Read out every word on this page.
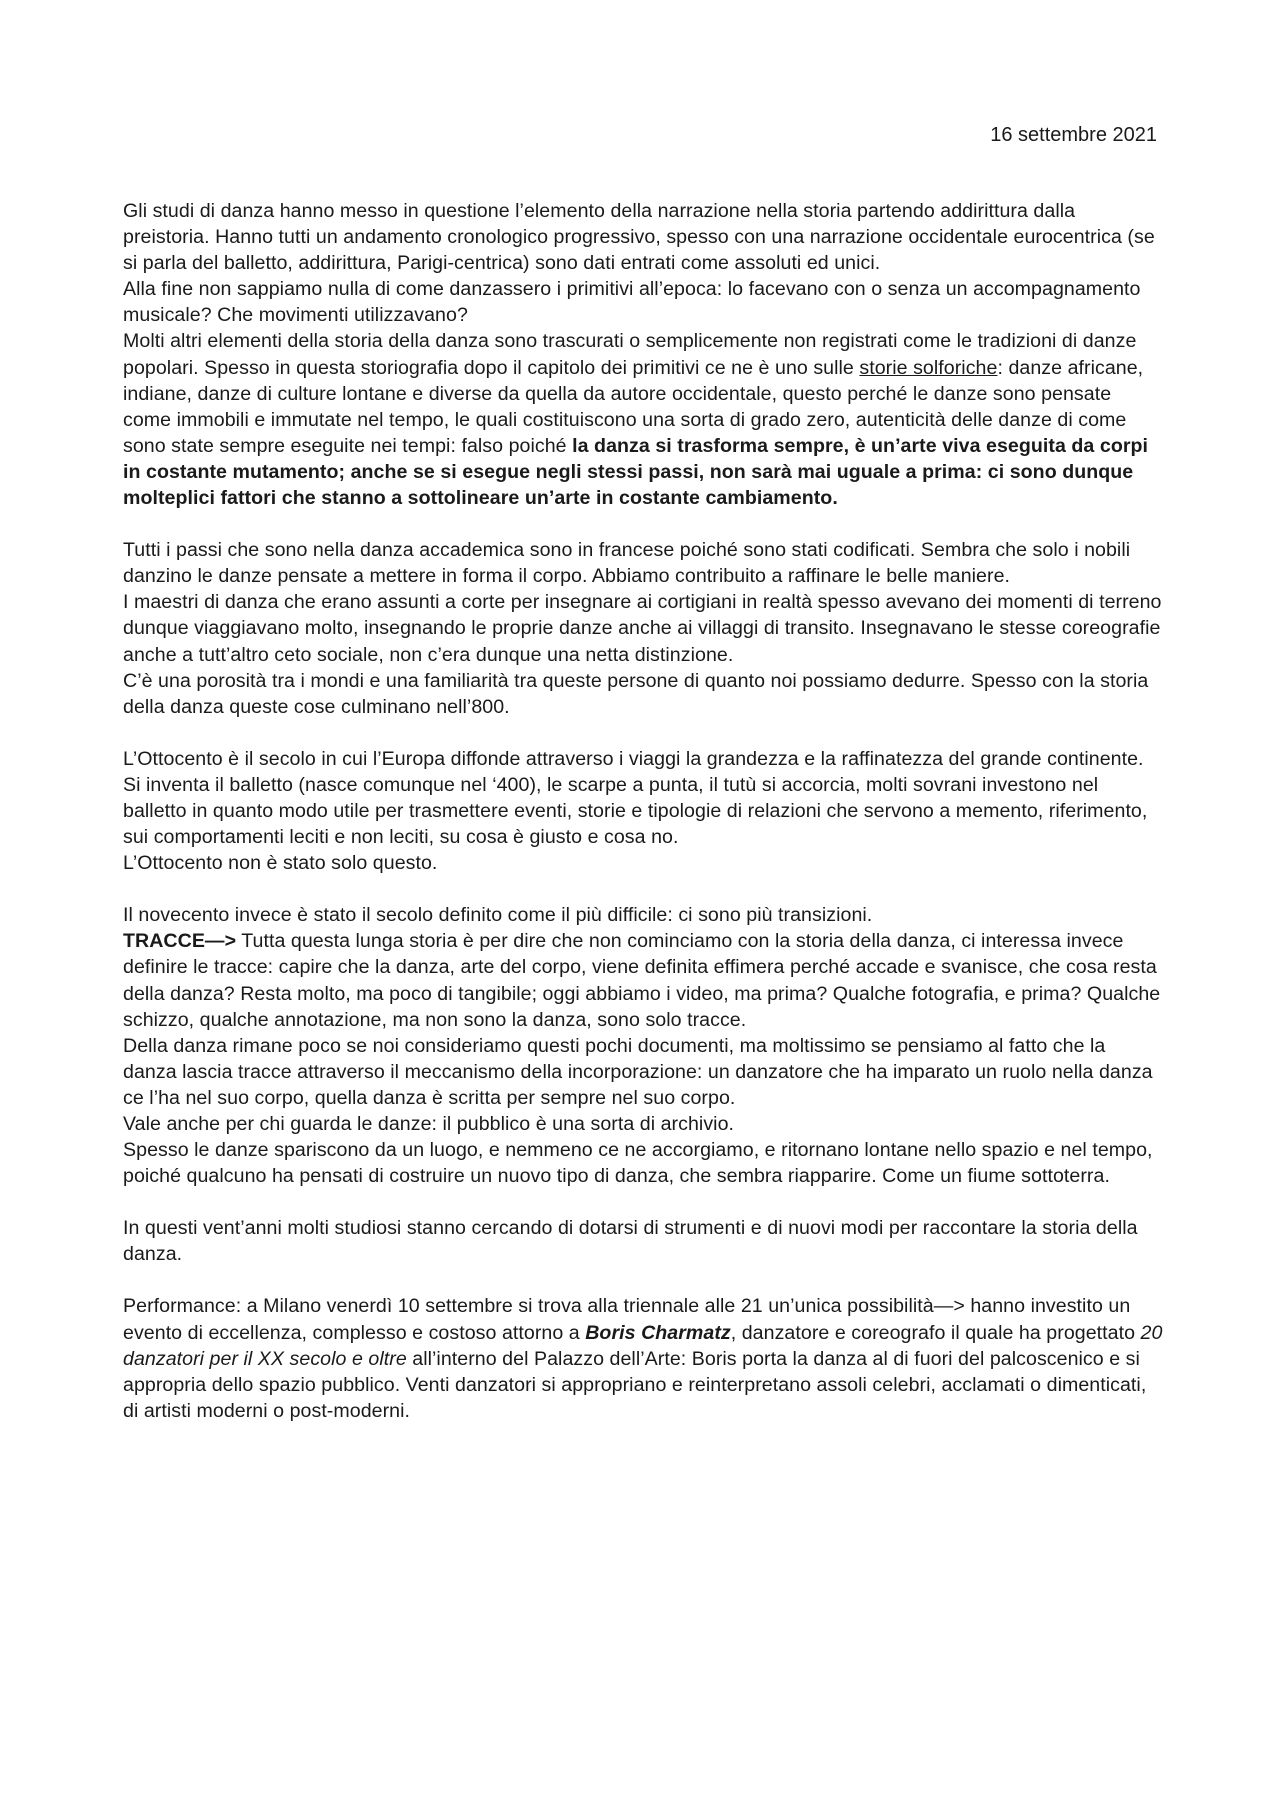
16 settembre 2021

Gli studi di danza hanno messo in questione l’elemento della narrazione nella storia partendo addirittura dalla preistoria. Hanno tutti un andamento cronologico progressivo, spesso con una narrazione occidentale eurocentrica (se si parla del balletto, addirittura, Parigi-centrica) sono dati entrati come assoluti ed unici.

Alla fine non sappiamo nulla di come danzassero i primitivi all’epoca: lo facevano con o senza un accompagnamento musicale? Che movimenti utilizzavano?

Molti altri elementi della storia della danza sono trascurati o semplicemente non registrati come le tradizioni di danze popolari. Spesso in questa storiografia dopo il capitolo dei primitivi ce ne è uno sulle storie solforiche: danze africane, indiane, danze di culture lontane e diverse da quella da autore occidentale, questo perché le danze sono pensate come immobili e immutate nel tempo, le quali costituiscono una sorta di grado zero, autenticità delle danze di come sono state sempre eseguite nei tempi: falso poiché la danza si trasforma sempre, è un’arte viva eseguita da corpi in costante mutamento; anche se si esegue negli stessi passi, non sarà mai uguale a prima: ci sono dunque molteplici fattori che stanno a sottolineare un’arte in costante cambiamento.

Tutti i passi che sono nella danza accademica sono in francese poiché sono stati codificati. Sembra che solo i nobili danzino le danze pensate a mettere in forma il corpo. Abbiamo contribuito a raffinare le belle maniere.

I maestri di danza che erano assunti a corte per insegnare ai cortigiani in realtà spesso avevano dei momenti di terreno dunque viaggiavano molto, insegnando le proprie danze anche ai villaggi di transito. Insegnavano le stesse coreografie anche a tutt’altro ceto sociale, non c’era dunque una netta distinzione.

C’è una porosità tra i mondi e una familiarità tra queste persone di quanto noi possiamo dedurre. Spesso con la storia della danza queste cose culminano nell’800.

L’Ottocento è il secolo in cui l’Europa diffonde attraverso i viaggi la grandezza e la raffinatezza del grande continente. Si inventa il balletto (nasce comunque nel ‘400), le scarpe a punta, il tutù si accorcia, molti sovrani investono nel balletto in quanto modo utile per trasmettere eventi, storie e tipologie di relazioni che servono a memento, riferimento, sui comportamenti leciti e non leciti, su cosa è giusto e cosa no.

L’Ottocento non è stato solo questo.

Il novecento invece è stato il secolo definito come il più difficile: ci sono più transizioni.

TRACCE—> Tutta questa lunga storia è per dire che non cominciamo con la storia della danza, ci interessa invece definire le tracce: capire che la danza, arte del corpo, viene definita effimera perché accade e svanisce, che cosa resta della danza? Resta molto, ma poco di tangibile; oggi abbiamo i video, ma prima? Qualche fotografia, e prima? Qualche schizzo, qualche annotazione, ma non sono la danza, sono solo tracce.

Della danza rimane poco se noi consideriamo questi pochi documenti, ma moltissimo se pensiamo al fatto che la danza lascia tracce attraverso il meccanismo della incorporazione: un danzatore che ha imparato un ruolo nella danza ce l’ha nel suo corpo, quella danza è scritta per sempre nel suo corpo.

Vale anche per chi guarda le danze: il pubblico è una sorta di archivio.

Spesso le danze spariscono da un luogo, e nemmeno ce ne accorgiamo, e ritornano lontane nello spazio e nel tempo, poiché qualcuno ha pensati di costruire un nuovo tipo di danza, che sembra riapparire. Come un fiume sottoterra.

In questi vent’anni molti studiosi stanno cercando di dotarsi di strumenti e di nuovi modi per raccontare la storia della danza.

Performance: a Milano venerdì 10 settembre si trova alla triennale alle 21 un’unica possibilità—> hanno investito un evento di eccellenza, complesso e costoso attorno a Boris Charmatz, danzatore e coreografo il quale ha progettato 20 danzatori per il XX secolo e oltre all’interno del Palazzo dell’Arte: Boris porta la danza al di fuori del palcoscenico e si appropria dello spazio pubblico. Venti danzatori si appropriano e reinterpretano assoli celebri, acclamati o dimenticati, di artisti moderni o post-moderni.
